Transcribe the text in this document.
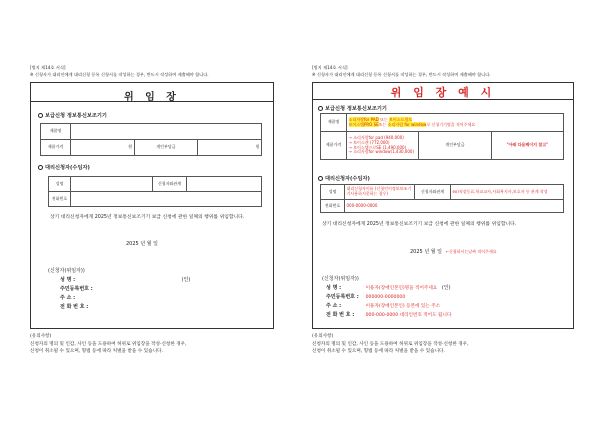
[별지 제14호 서식]
※ 신청자가 대리인에게 대리신청 등록 신청서를 작성하는 경우, 반드시 작성하여 제출해야 합니다.
위 임 장
보급신청 정보통신보조기기
제품명			
제품가격	원	개인부담금	원
대리신청자(수임자)
성명		신청자와관계	
전화번호			
상기 대리신청자에게 2025년 정보통신보조기기 보급 신청에 관한 일체의 행위를 위임합니다.
2025 년 월 일
(신청자(위임자))
성 명 :	(인)
주민등록번호 :
주 소 :
전 화 번 호 :
(유의사항)
신청자의 명의 및 인감, 사인 등을 도용하여 허위로 위임장을 작성·신청한 경우,
신청이 취소될 수 있으며, 형법 등에 따라 처벌을 받을 수 있습니다.
[별지 제14호 서식]
※ 신청자가 대리인에게 대리신청 등록 신청서를 작성하는 경우, 반드시 작성하여 제출해야 합니다.
위 임 장 예 시
보급신청 정보통신보조기기
제품명	소리자람for PAD 또는 보이스드림도
보이스탭PRO SE또는 소리자람 for window로 신청기기명을 적어주세요		

제품가격	→ 소리자람for pad (940,000)
→ 보이스캔 (772,000)
→ 보이스탭프로SE (1,490,000)
→ 소리자람for window(1,430,000)	개인부담금	"아래 다음페이지 참고"
대리신청자(수임자)
성명	대리신청자이름 (신청인이정보보조기기사용하지못하는 경우)	신청자와관계	ex)직장동료,학교교사,사회복지사,보호자 등 관계 작성
전화번호	000-0000-0000		
상기 대리신청자에게 2025년 정보통신보조기기 보급 신청에 관한 일체의 행위를 위임합니다.
2025 년 월 일 ←신청하시는날짜 적어주세요
(신청자(위임자))
성 명 :	이용자(장애인본인)명을 적어주세요 (인)
주민등록번호 : 000000-0000000
주 소 :	이용자(장애인본인) 등본에 있는 주소
전 화 번 호 : 000-000-0000 대리인번호 적어도 됩니다
(유의사항)
신청자의 명의 및 인감, 사인 등을 도용하여 허위로 위임장을 작성·신청한 경우,
신청이 취소될 수 있으며, 형법 등에 따라 처벌을 받을 수 있습니다.
